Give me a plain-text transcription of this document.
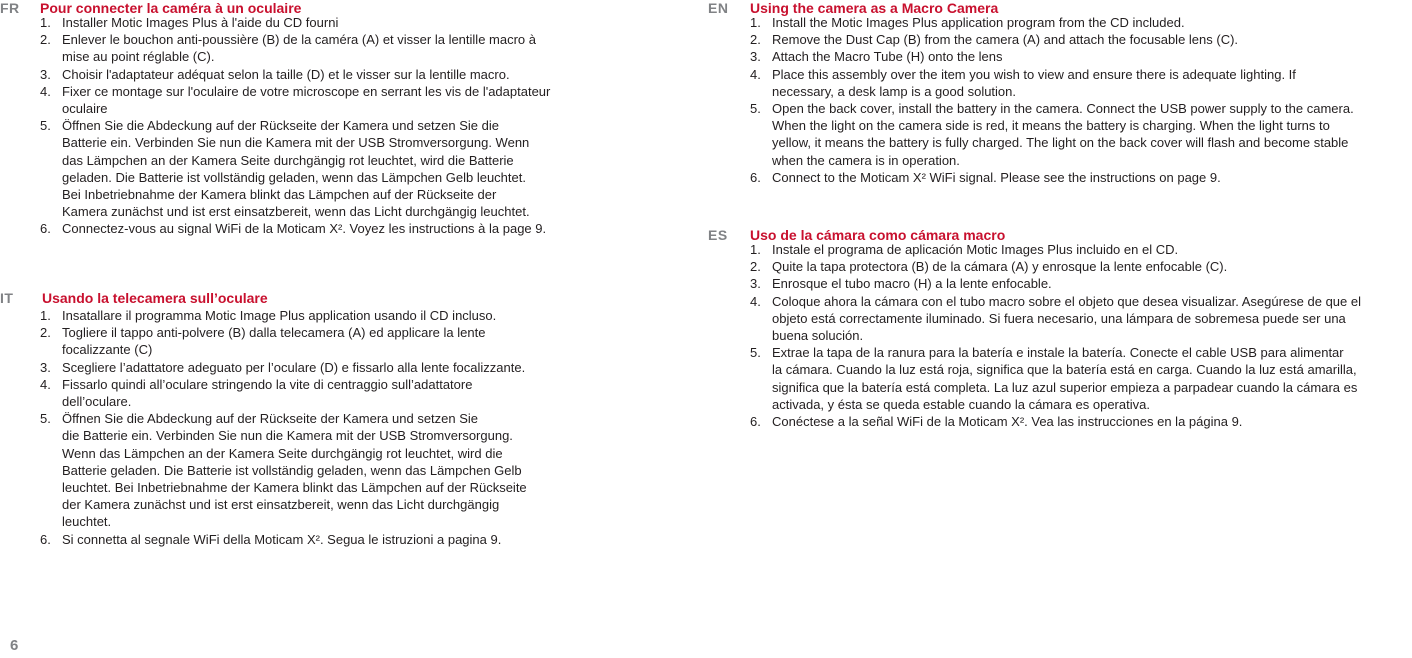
FR Pour connecter la caméra à un oculaire
1. Installer Motic Images Plus à l'aide du CD fourni
2. Enlever le bouchon anti-poussière (B) de la caméra (A) et visser la lentille macro à
mise au point réglable (C).
3. Choisir l'adaptateur adéquat selon la taille (D) et le visser sur la lentille macro.
4. Fixer ce montage sur l'oculaire de votre microscope en serrant les vis de l'adaptateur
oculaire
5. Öffnen Sie die Abdeckung auf der Rückseite der Kamera und setzen Sie die
Batterie ein. Verbinden Sie nun die Kamera mit der USB Stromversorgung. Wenn
das Lämpchen an der Kamera Seite durchgängig rot leuchtet, wird die Batterie
geladen. Die Batterie ist vollständig geladen, wenn das Lämpchen Gelb leuchtet.
Bei Inbetriebnahme der Kamera blinkt das Lämpchen auf der Rückseite der
Kamera zunächst und ist erst einsatzbereit, wenn das Licht durchgängig leuchtet.
6. Connectez-vous au signal WiFi de la Moticam X². Voyez les instructions à la page 9.
IT Usando la telecamera sull’oculare
1. Insatallare il programma Motic Image Plus application usando il CD incluso.
2. Togliere il tappo anti-polvere (B) dalla telecamera (A) ed applicare la lente
focalizzante (C)
3. Scegliere l’adattatore adeguato per l’oculare (D) e fissarlo alla lente focalizzante.
4. Fissarlo quindi all’oculare stringendo la vite di centraggio sull’adattatore
dell’oculare.
5. Öffnen Sie die Abdeckung auf der Rückseite der Kamera und setzen Sie
die Batterie ein. Verbinden Sie nun die Kamera mit der USB Stromversorgung.
Wenn das Lämpchen an der Kamera Seite durchgängig rot leuchtet, wird die
Batterie geladen. Die Batterie ist vollständig geladen, wenn das Lämpchen Gelb
leuchtet. Bei Inbetriebnahme der Kamera blinkt das Lämpchen auf der Rückseite
der Kamera zunächst und ist erst einsatzbereit, wenn das Licht durchgängig
leuchtet.
6. Si connetta al segnale WiFi della Moticam X². Segua le istruzioni a pagina 9.
EN Using the camera as a Macro Camera
1. Install the Motic Images Plus application program from the CD included.
2. Remove the Dust Cap (B) from the camera (A) and attach the focusable lens (C).
3. Attach the Macro Tube (H) onto the lens
4. Place this assembly over the item you wish to view and ensure there is adequate lighting. If
necessary, a desk lamp is a good solution.
5. Open the back cover, install the battery in the camera. Connect the USB power supply to the camera.
When the light on the camera side is red, it means the battery is charging. When the light turns to
yellow, it means the battery is fully charged. The light on the back cover will flash and become stable
when the camera is in operation.
6. Connect to the Moticam X² WiFi signal. Please see the instructions on page 9.
ES Uso de la cámara como cámara macro
1. Instale el programa de aplicación Motic Images Plus incluido en el CD.
2. Quite la tapa protectora (B) de la cámara (A) y enrosque la lente enfocable (C).
3. Enrosque el tubo macro (H) a la lente enfocable.
4. Coloque ahora la cámara con el tubo macro sobre el objeto que desea visualizar. Asegúrese de que el
objeto está correctamente iluminado. Si fuera necesario, una lámpara de sobremesa puede ser una
buena solución.
5. Extrae la tapa de la ranura para la batería e instale la batería. Conecte el cable USB para alimentar
la cámara. Cuando la luz está roja, significa que la batería está en carga. Cuando la luz está amarilla,
significa que la batería está completa. La luz azul superior empieza a parpadear cuando la cámara es
activada, y ésta se queda estable cuando la cámara es operativa.
6. Conéctese a la señal WiFi de la Moticam X². Vea las instrucciones en la página 9.
6
